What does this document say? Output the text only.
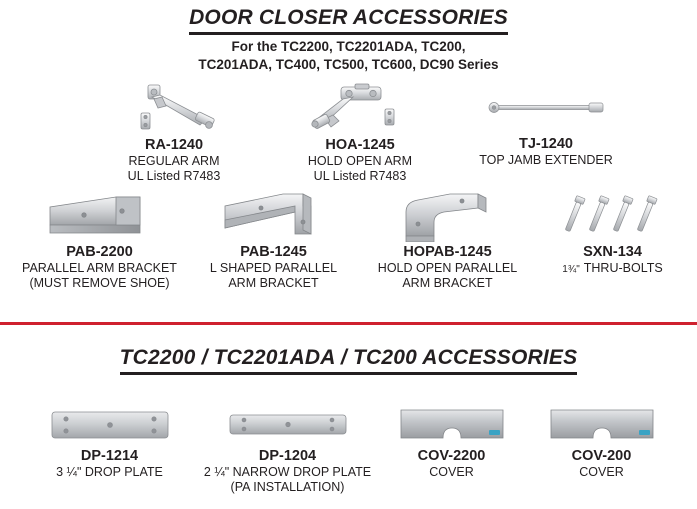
DOOR CLOSER ACCESSORIES
For the TC2200, TC2201ADA, TC200,
TC201ADA, TC400, TC500, TC600, DC90 Series
RA-1240
REGULAR ARM
UL Listed R7483
HOA-1245
HOLD OPEN ARM
UL Listed R7483
TJ-1240
TOP JAMB EXTENDER
PAB-2200
PARALLEL ARM BRACKET
(MUST REMOVE SHOE)
PAB-1245
L SHAPED PARALLEL
ARM BRACKET
HOPAB-1245
HOLD OPEN PARALLEL
ARM BRACKET
SXN-134
1¾" THRU-BOLTS
TC2200 / TC2201ADA / TC200 ACCESSORIES
DP-1214
3 ¼" DROP PLATE
DP-1204
2 ¼" NARROW DROP PLATE
(PA INSTALLATION)
COV-2200
COVER
COV-200
COVER
